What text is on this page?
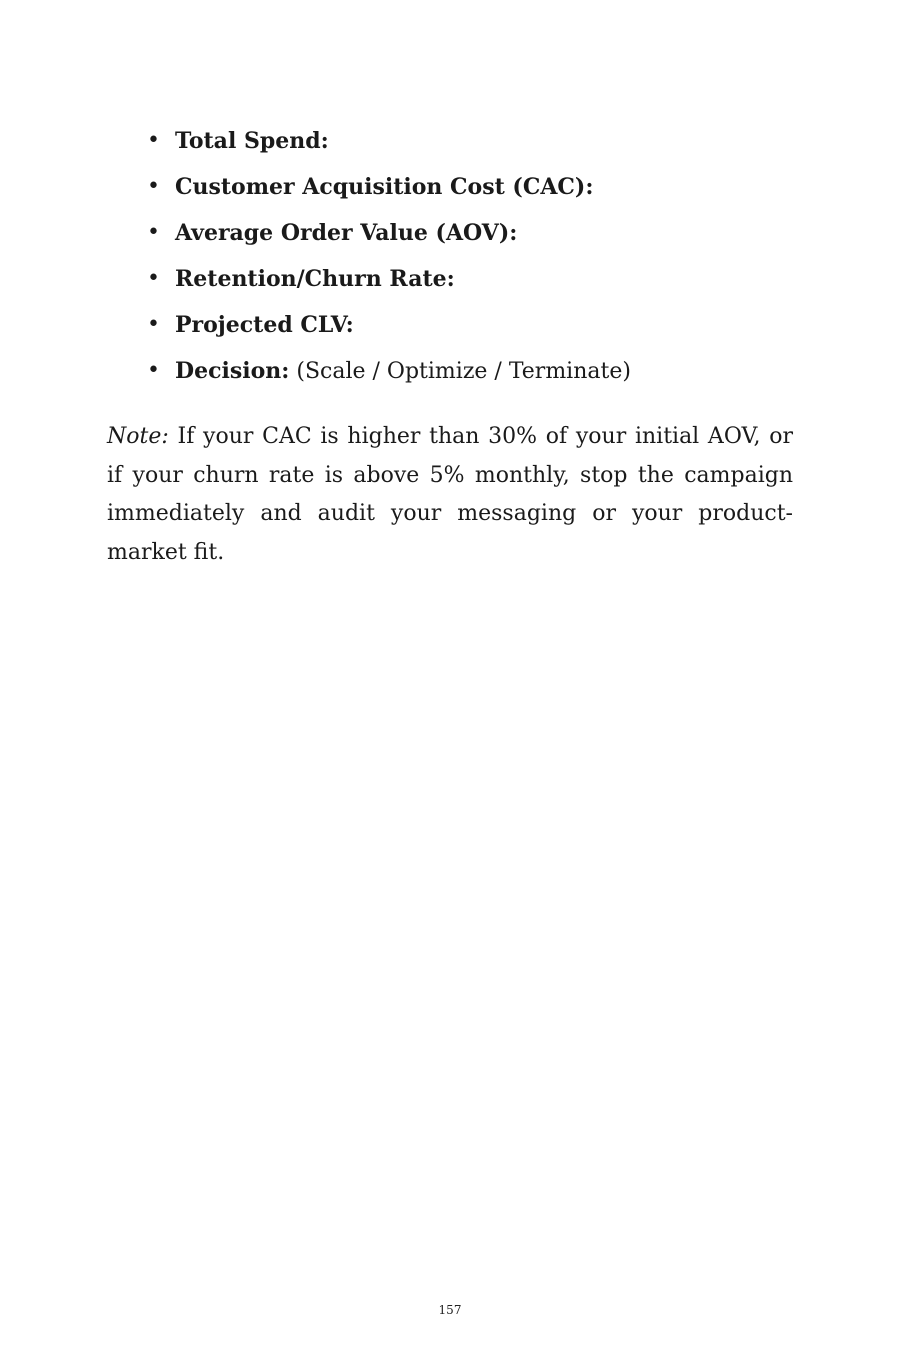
• Total Spend:
• Customer Acquisition Cost (CAC):
• Average Order Value (AOV):
• Retention/Churn Rate:
• Projected CLV:
• Decision: (Scale / Optimize / Terminate)

Note: If your CAC is higher than 30% of your initial AOV, or if your churn rate is above 5% monthly, stop the campaign immediately and audit your messaging or your product-market fit.

157
